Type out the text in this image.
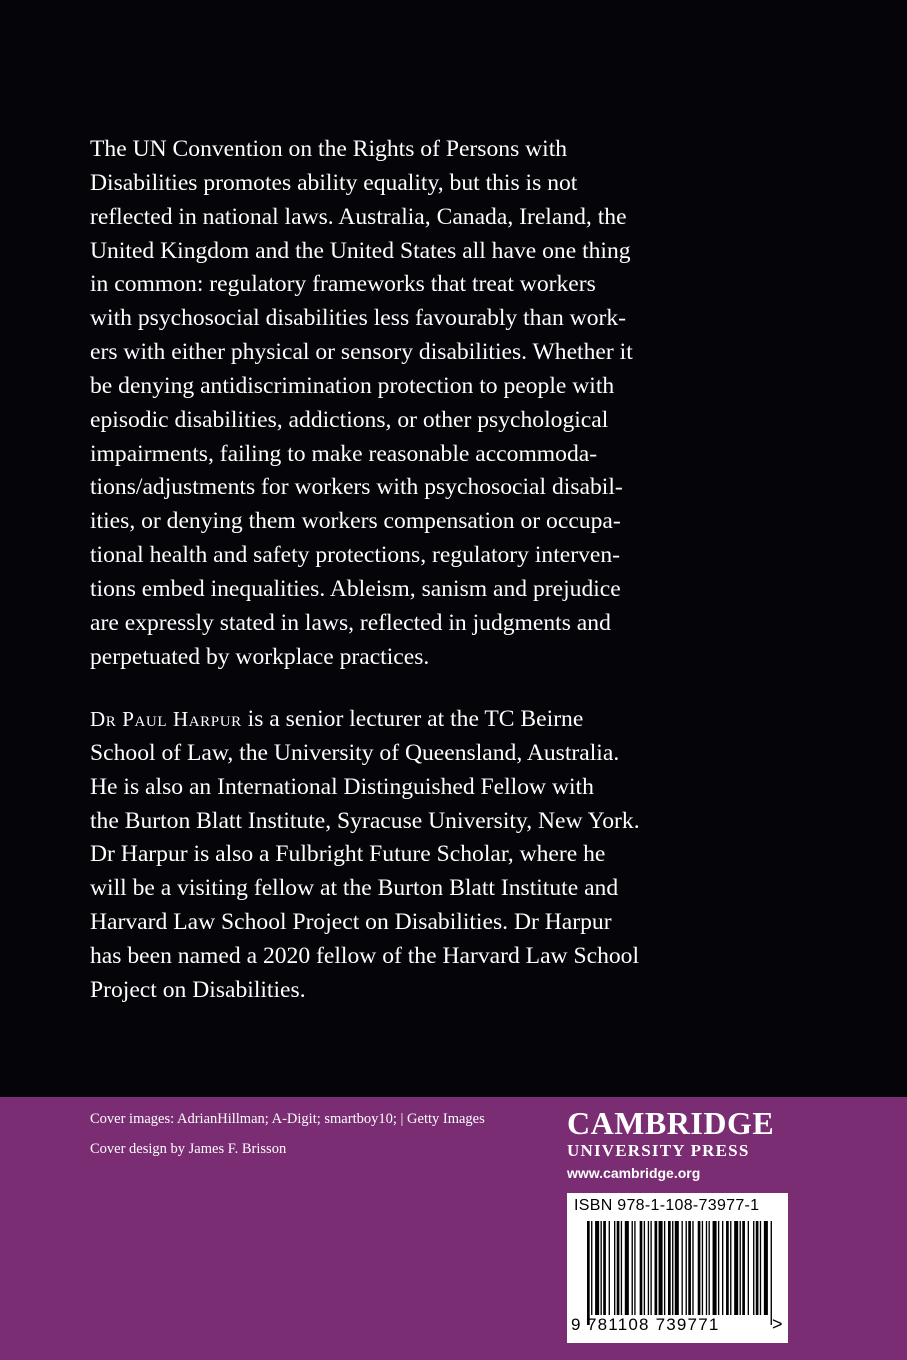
The UN Convention on the Rights of Persons with
Disabilities promotes ability equality, but this is not
reflected in national laws. Australia, Canada, Ireland, the
United Kingdom and the United States all have one thing
in common: regulatory frameworks that treat workers
with psychosocial disabilities less favourably than work-
ers with either physical or sensory disabilities. Whether it
be denying antidiscrimination protection to people with
episodic disabilities, addictions, or other psychological
impairments, failing to make reasonable accommoda-
tions/adjustments for workers with psychosocial disabil-
ities, or denying them workers compensation or occupa-
tional health and safety protections, regulatory interven-
tions embed inequalities. Ableism, sanism and prejudice
are expressly stated in laws, reflected in judgments and
perpetuated by workplace practices.
Dr Paul Harpur is a senior lecturer at the TC Beirne
School of Law, the University of Queensland, Australia.
He is also an International Distinguished Fellow with
the Burton Blatt Institute, Syracuse University, New York.
Dr Harpur is also a Fulbright Future Scholar, where he
will be a visiting fellow at the Burton Blatt Institute and
Harvard Law School Project on Disabilities. Dr Harpur
has been named a 2020 fellow of the Harvard Law School
Project on Disabilities.
Cover images: AdrianHillman; A-Digit; smartboy10; | Getty Images
Cover design by James F. Brisson
CAMBRIDGE
UNIVERSITY PRESS
www.cambridge.org
ISBN 978-1-108-73977-1
9 781108 739771	>
